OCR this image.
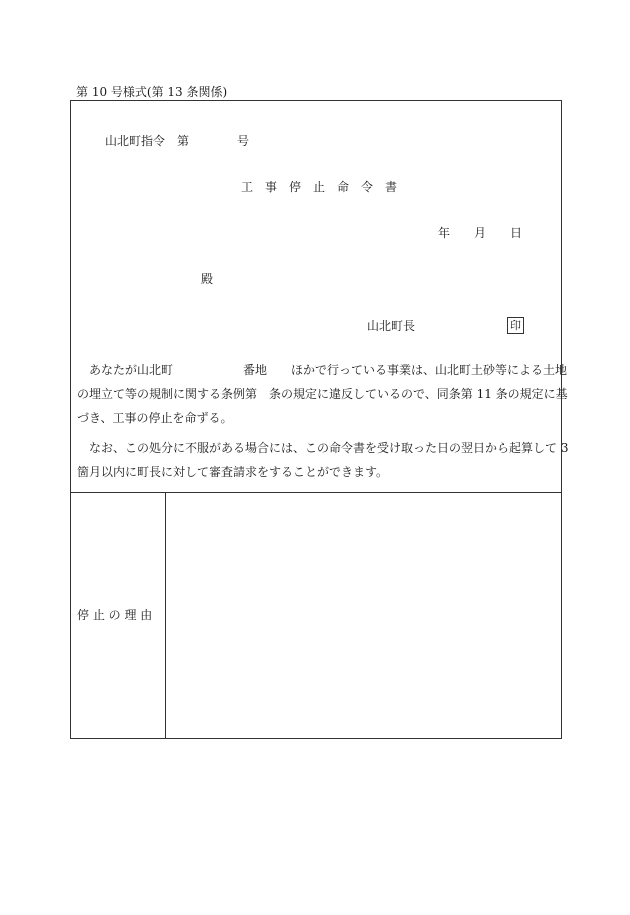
第 10 号様式(第 13 条関係)
山北町指令 第	号
工　事　停　止　命　令　書
年 月 日
殿
山北町長	印
あなたが山北町	番地 ほかで行っている事業は、山北町土砂等による土地
の埋立て等の規制に関する条例第　条の規定に違反しているので、同条第 11 条の規定に基
づき、工事の停止を命ずる。
なお、この処分に不服がある場合には、この命令書を受け取った日の翌日から起算して 3
箇月以内に町長に対して審査請求をすることができます。
停 止 の 理 由
